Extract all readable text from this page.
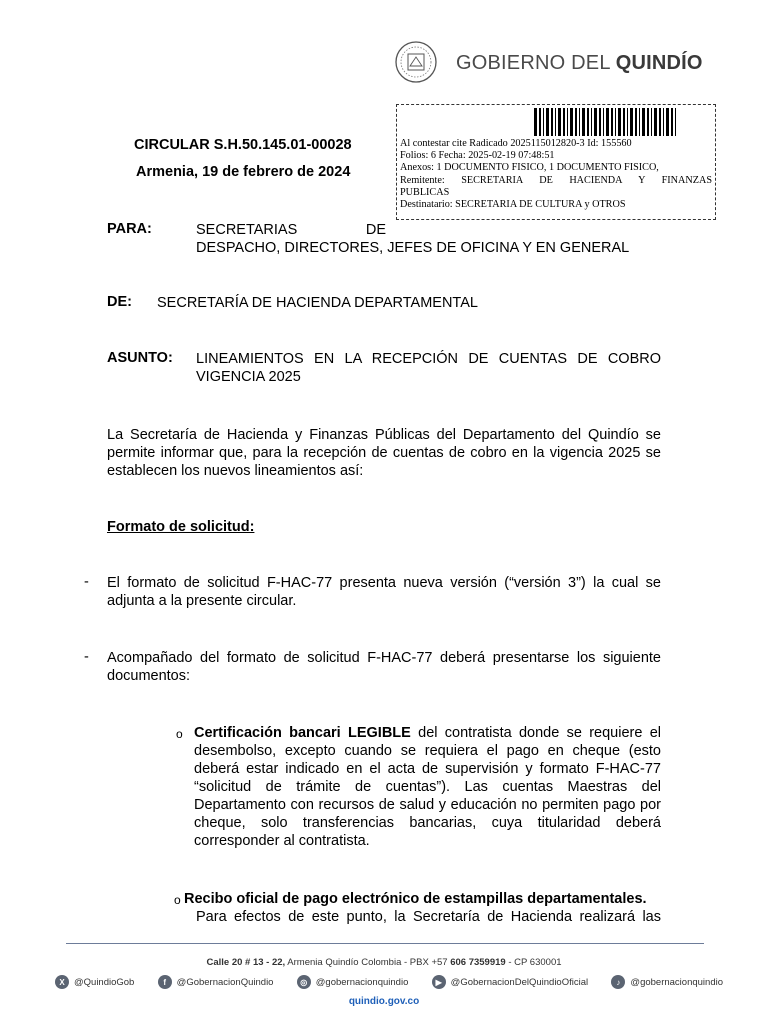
GOBIERNO DEL QUINDÍO
CIRCULAR S.H.50.145.01-00028
Armenia, 19 de febrero de 2024
Al contestar cite Radicado 2025115012820-3 Id: 155560
Folios: 6 Fecha: 2025-02-19 07:48:51
Anexos: 1 DOCUMENTO FISICO, 1 DOCUMENTO FISICO,
Remitente: SECRETARIA DE HACIENDA Y FINANZAS
PUBLICAS
Destinatario: SECRETARIA DE CULTURA y OTROS
PARA:	SECRETARIAS	DE
DESPACHO, DIRECTORES, JEFES DE OFICINA Y EN GENERAL
DE: SECRETARÍA DE HACIENDA DEPARTAMENTAL
ASUNTO: LINEAMIENTOS EN LA RECEPCIÓN DE CUENTAS DE COBRO
VIGENCIA 2025
La Secretaría de Hacienda y Finanzas Públicas del Departamento del Quindío se permite informar que, para la recepción de cuentas de cobro en la vigencia 2025 se establecen los nuevos lineamientos así:
Formato de solicitud:
- El formato de solicitud F-HAC-77 presenta nueva versión (“versión 3”) la cual se adjunta a la presente circular.
- Acompañado del formato de solicitud F-HAC-77 deberá presentarse los siguiente documentos:
o Certificación bancari LEGIBLE del contratista donde se requiere el desembolso, excepto cuando se requiera el pago en cheque (esto deberá estar indicado en el acta de supervisión y formato F-HAC-77 “solicitud de trámite de cuentas”). Las cuentas Maestras del Departamento con recursos de salud y educación no permiten pago por cheque, solo transferencias bancarias, cuya titularidad deberá corresponder al contratista.
o Recibo oficial de pago electrónico de estampillas departamentales.
Para efectos de este punto, la Secretaría de Hacienda realizará las
Calle 20 # 13 - 22, Armenia Quindío Colombia - PBX +57 606 7359919 - CP 630001
X @QuindioGob	f	@GobernacionQuindio	◎ @gobernacionquindio	▶ @GobernacionDelQuindioOficial	♪	@gobernacionquindio
quindio.gov.co
